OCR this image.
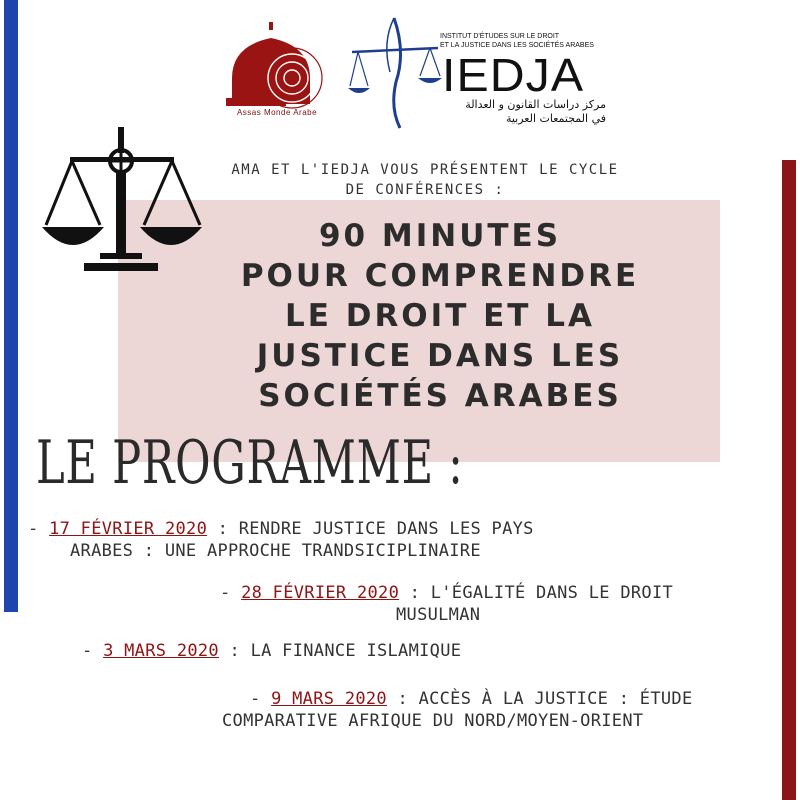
Assas Monde Arabe
INSTITUT D'ÉTUDES SUR LE DROIT
ET LA JUSTICE DANS LES SOCIÉTÉS ARABES
IEDJA
مركز دراسات القانون و العدالة
في المجتمعات العربية
AMA ET L'IEDJA VOUS PRÉSENTENT LE CYCLE
DE CONFÉRENCES :
90 MINUTES
POUR COMPRENDRE
LE DROIT ET LA
JUSTICE DANS LES
SOCIÉTÉS ARABES
LE PROGRAMME :
- 17 FÉVRIER 2020 : RENDRE JUSTICE DANS LES PAYS
ARABES : UNE APPROCHE TRANDSICIPLINAIRE
- 28 FÉVRIER 2020 : L'ÉGALITÉ DANS LE DROIT
MUSULMAN
- 3 MARS 2020 : LA FINANCE ISLAMIQUE
- 9 MARS 2020 : ACCÈS À LA JUSTICE : ÉTUDE
COMPARATIVE AFRIQUE DU NORD/MOYEN-ORIENT
